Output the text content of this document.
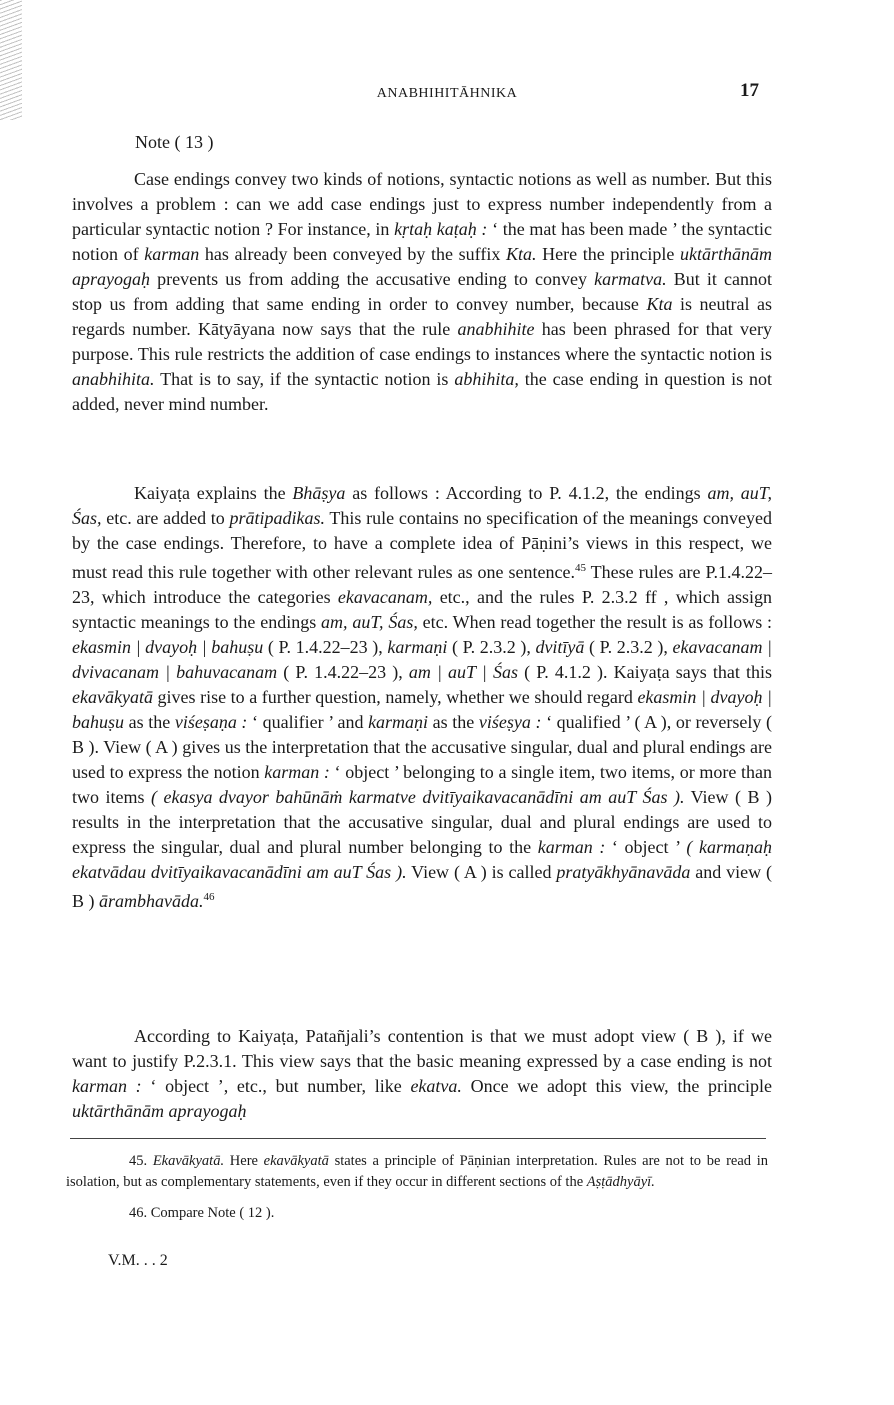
ANABHIHITĀHNIKA	17
Note ( 13 )

Case endings convey two kinds of notions, syntactic notions as well as number. But this involves a problem : can we add case endings just to express number independently from a particular syntactic notion ? For instance, in kṛtaḥ kaṭaḥ : ‘ the mat has been made ’ the syntactic notion of karman has already been conveyed by the suffix Kta. Here the principle uktārthānām aprayogaḥ prevents us from adding the accusative ending to convey karmatva. But it cannot stop us from adding that same ending in order to convey number, because Kta is neutral as regards number. Kātyāyana now says that the rule anabhihite has been phrased for that very purpose. This rule restricts the addition of case endings to instances where the syntactic notion is anabhihita. That is to say, if the syntactic notion is abhihita, the case ending in question is not added, never mind number.

Kaiyaṭa explains the Bhāṣya as follows : According to P. 4.1.2, the endings am, auT, Śas, etc. are added to prātipadikas. This rule contains no specification of the meanings conveyed by the case endings. Therefore, to have a complete idea of Pāṇini’s views in this respect, we must read this rule together with other relevant rules as one sentence.$^{45}$ These rules are P.1.4.22–23, which introduce the categories ekavacanam, etc., and the rules P. 2.3.2 ff , which assign syntactic meanings to the endings am, auT, Śas, etc. When read together the result is as follows : ekasmin | dvayoḥ | bahuṣu ( P. 1.4.22–23 ), karmaṇi ( P. 2.3.2 ), dvitīyā ( P. 2.3.2 ), ekavacanam | dvivacanam | bahuvacanam ( P. 1.4.22–23 ), am | auT | Śas ( P. 4.1.2 ). Kaiyaṭa says that this ekavākyatā gives rise to a further question, namely, whether we should regard ekasmin | dvayoḥ | bahuṣu as the viśeṣaṇa : ‘ qualifier ’ and karmaṇi as the viśeṣya : ‘ qualified ’ ( A ), or reversely ( B ). View ( A ) gives us the interpretation that the accusative singular, dual and plural endings are used to express the notion karman : ‘ object ’ belonging to a single item, two items, or more than two items ( ekasya dvayor bahūnāṁ karmatve dvitīyaikavacanādīni am auT Śas ). View ( B ) results in the interpretation that the accusative singular, dual and plural endings are used to express the singular, dual and plural number belonging to the karman : ‘ object ’ ( karmaṇaḥ ekatvādau dvitīyaikavacanādīni am auT Śas ). View ( A ) is called pratyākhyānavāda and view ( B ) ārambhavāda.$^{46}$

According to Kaiyaṭa, Patañjali’s contention is that we must adopt view ( B ), if we want to justify P.2.3.1. This view says that the basic meaning expressed by a case ending is not karman : ‘ object ’, etc., but number, like ekatva. Once we adopt this view, the principle uktārthānām aprayogaḥ

45. Ekavākyatā. Here ekavākyatā states a principle of Pāṇinian interpretation. Rules are not to be read in isolation, but as complementary statements, even if they occur in different sections of the Aṣṭādhyāyī.

46. Compare Note ( 12 ).

V.M. . . 2
